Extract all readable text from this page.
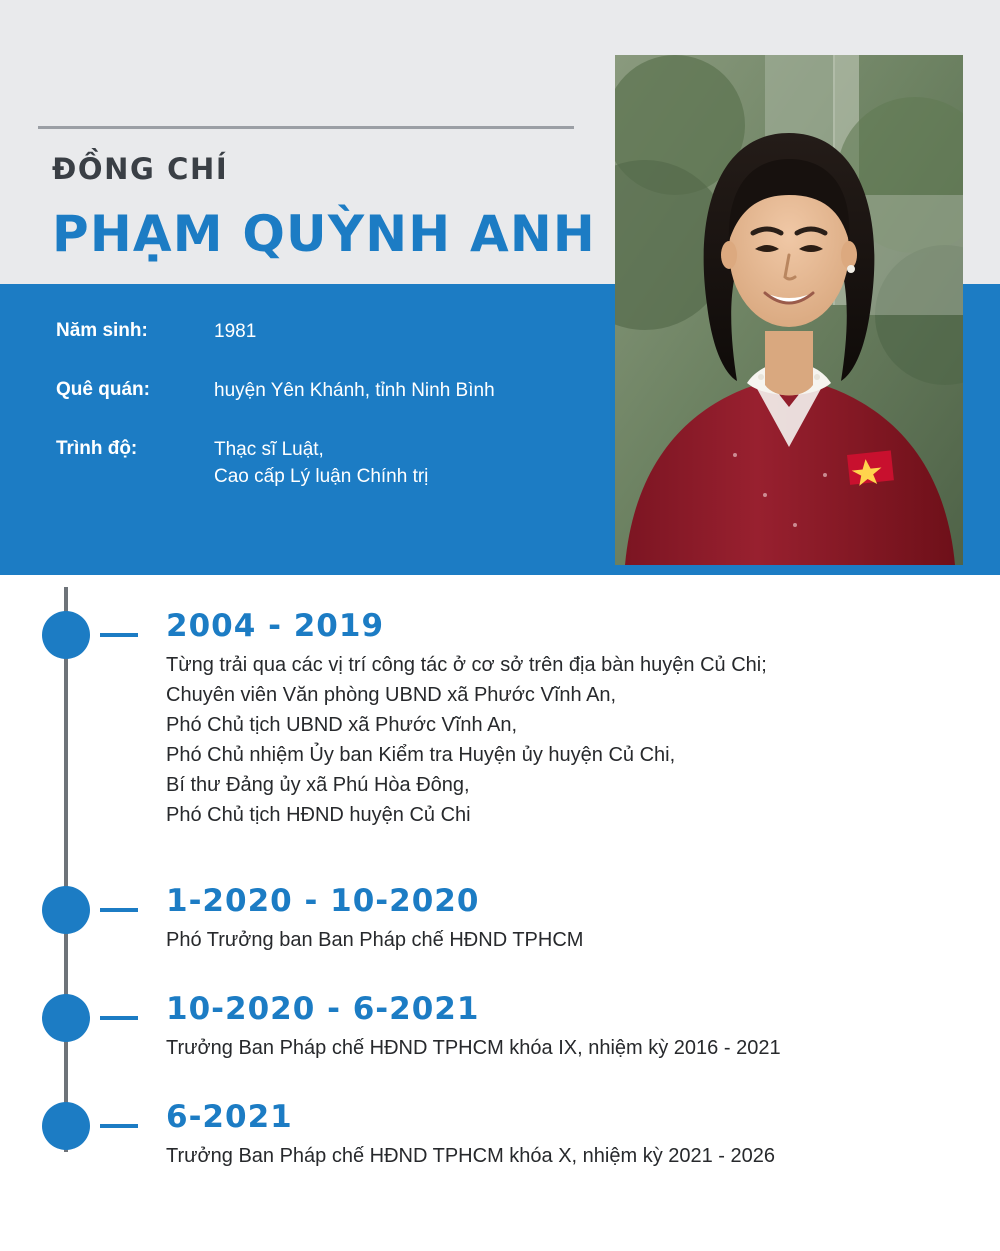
ĐỒNG CHÍ
PHẠM QUỲNH ANH
Năm sinh:	1981
Quê quán:	huyện Yên Khánh, tỉnh Ninh Bình
Trình độ:	Thạc sĩ Luật,
Cao cấp Lý luận Chính trị
2004 - 2019
Từng trải qua các vị trí công tác ở cơ sở trên địa bàn huyện Củ Chi;
Chuyên viên Văn phòng UBND xã Phước Vĩnh An,
Phó Chủ tịch UBND xã Phước Vĩnh An,
Phó Chủ nhiệm Ủy ban Kiểm tra Huyện ủy huyện Củ Chi,
Bí thư Đảng ủy xã Phú Hòa Đông,
Phó Chủ tịch HĐND huyện Củ Chi
1-2020 - 10-2020
Phó Trưởng ban Ban Pháp chế HĐND TPHCM
10-2020 - 6-2021
Trưởng Ban Pháp chế HĐND TPHCM khóa IX, nhiệm kỳ 2016 - 2021
6-2021
Trưởng Ban Pháp chế HĐND TPHCM khóa X, nhiệm kỳ 2021 - 2026
